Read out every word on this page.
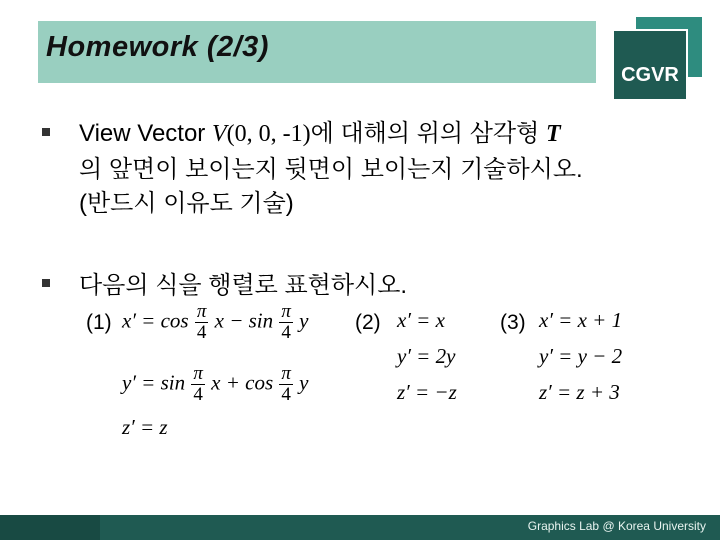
Homework (2/3)
CGVR
View Vector V(0, 0, -1)에 대해의 위의 삼각형 T
의 앞면이 보이는지 뒷면이 보이는지 기술하시오.
(반드시 이유도 기술)
다음의 식을 행렬로 표현하시오.
(1) $x' = \cos \frac{\pi}{4}$ $x - \sin \frac{\pi}{4}$ y
$y' = \sin \frac{\pi}{4}$ $x + \cos \frac{\pi}{4}$ y
z′ = z
(2) x′ = x
y′ = 2y
z′ = −z
(3) x′ = x + 1
y′ = y − 2
z′ = z + 3
Graphics Lab @ Korea University
